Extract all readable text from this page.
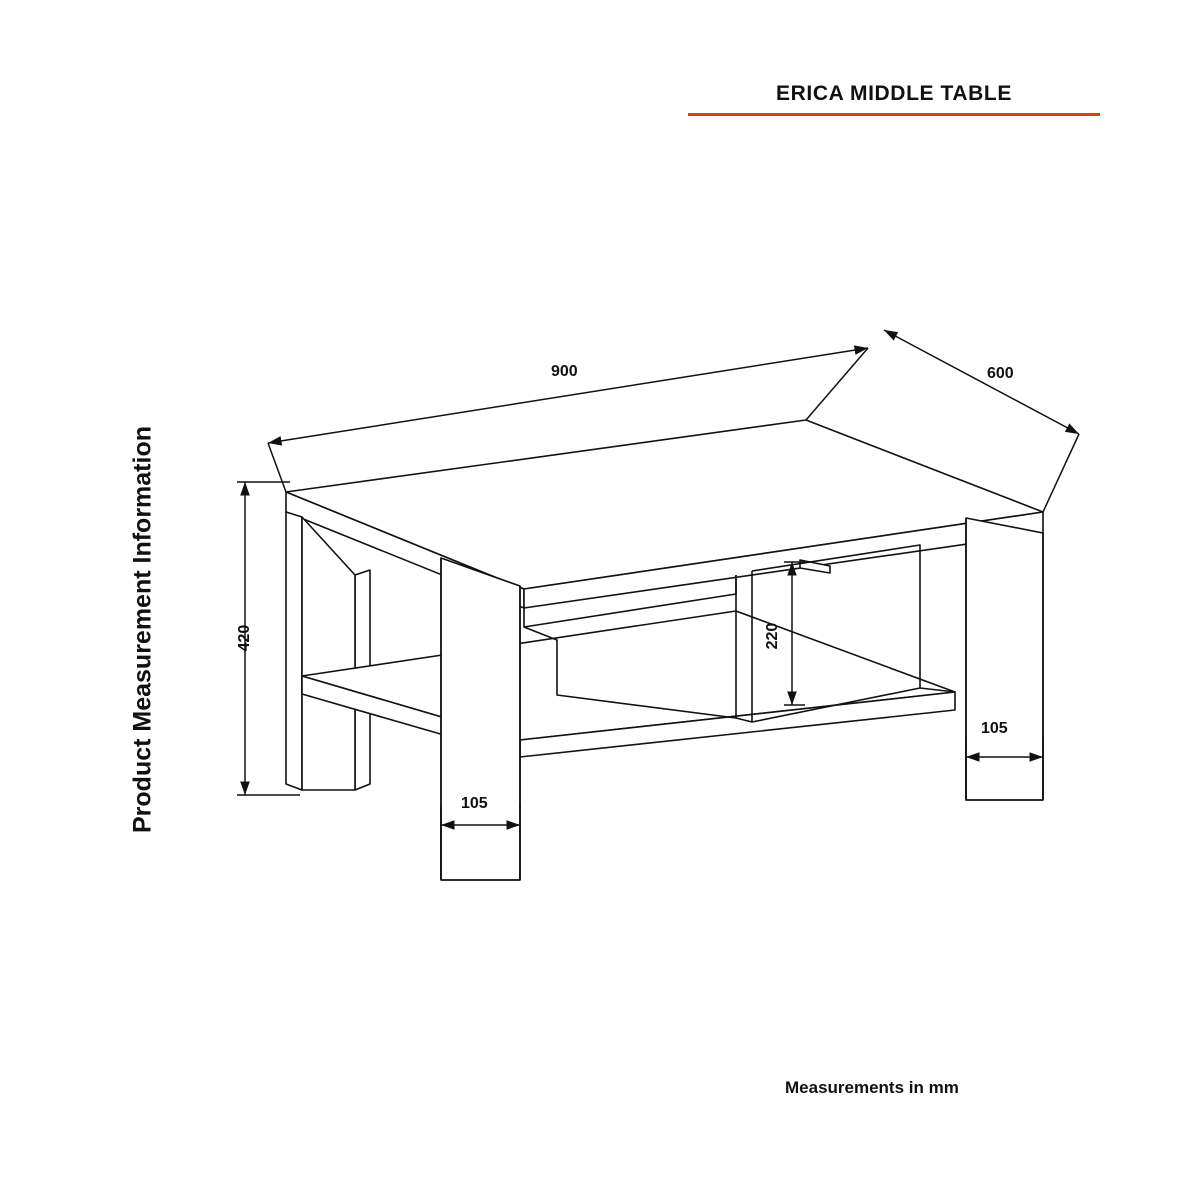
ERICA MIDDLE TABLE
Product Measurement Information
Measurements in mm
900	600
420	220
105
105
